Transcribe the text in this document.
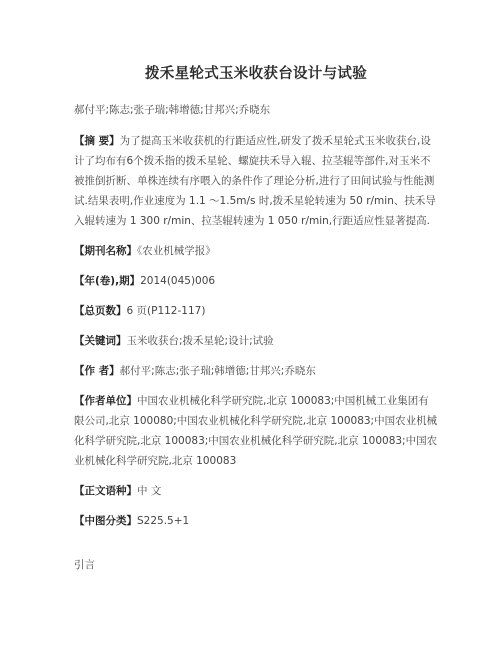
拨禾星轮式玉米收获台设计与试验
郝付平;陈志;张子瑞;韩增德;甘邦兴;乔晓东
【摘 要】为了提高玉米收获机的行距适应性,研发了拨禾星轮式玉米收获台,设计了均布有6个拨禾指的拨禾星轮、螺旋扶禾导入辊、拉茎辊等部件,对玉米不被推倒折断、单株连续有序喂入的条件作了理论分析,进行了田间试验与性能测试.结果表明,作业速度为 1.1 ～1.5m/s 时,拨禾星轮转速为 50 r/min、扶禾导入辊转速为 1 300 r/min、拉茎辊转速为 1 050 r/min,行距适应性显著提高.
【期刊名称】《农业机械学报》
【年(卷),期】2014(045)006
【总页数】6 页(P112-117)
【关键词】玉米收获台;拨禾星轮;设计;试验
【作 者】郝付平;陈志;张子瑞;韩增德;甘邦兴;乔晓东
【作者单位】中国农业机械化科学研究院,北京 100083;中国机械工业集团有限公司,北京 100080;中国农业机械化科学研究院,北京 100083;中国农业机械化科学研究院,北京 100083;中国农业机械化科学研究院,北京 100083;中国农业机械化科学研究院,北京 100083
【正文语种】中 文
【中图分类】S225.5+1
引言
